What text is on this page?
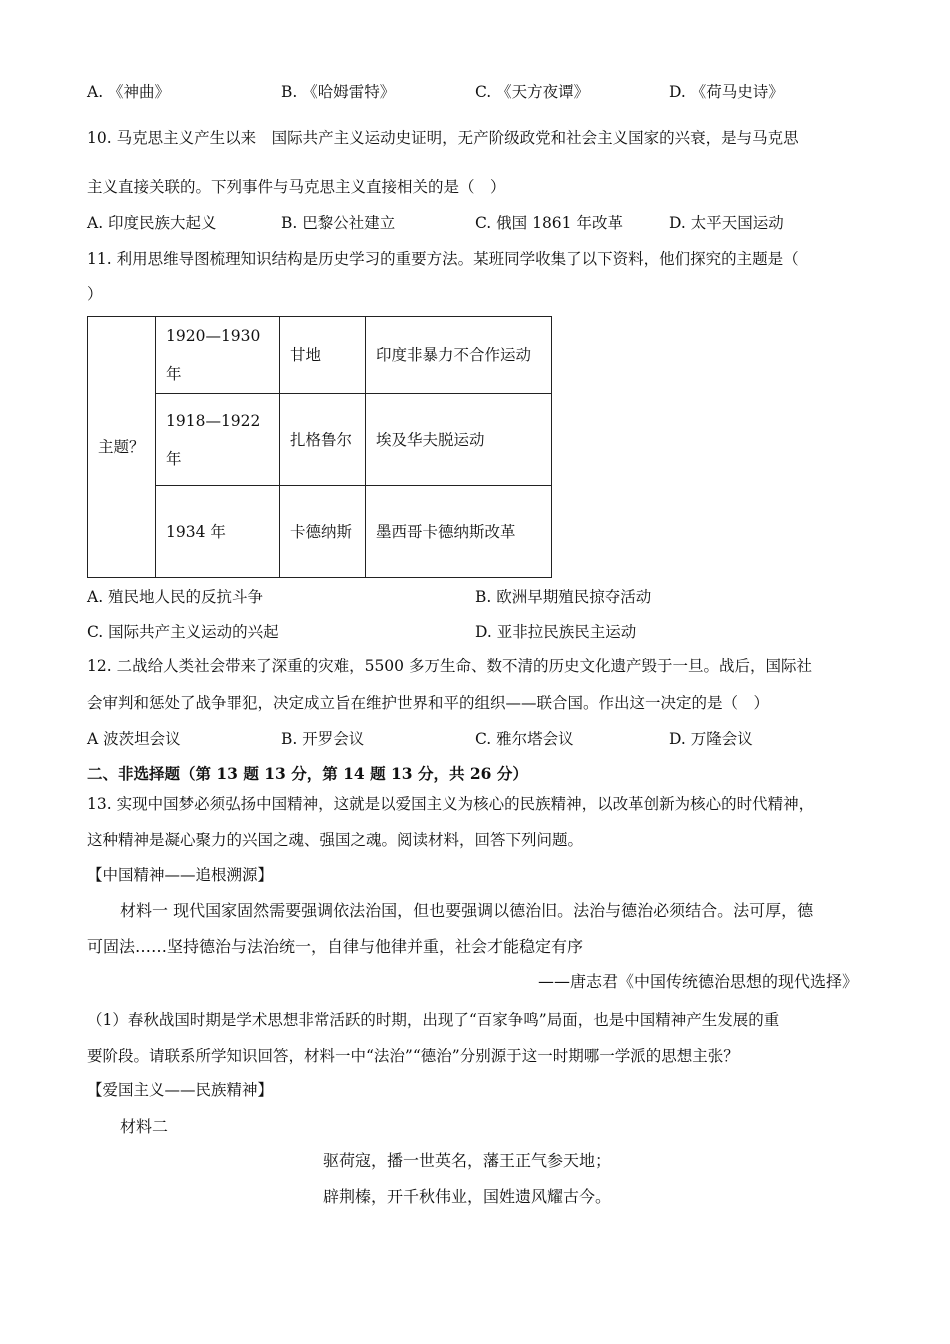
A. 《神曲》	B. 《哈姆雷特》	C. 《天方夜谭》	D. 《荷马史诗》
10. 马克思主义产生以来　国际共产主义运动史证明，无产阶级政党和社会主义国家的兴衰，是与马克思
主义直接关联的。下列事件与马克思主义直接相关的是（　）
A. 印度民族大起义	B. 巴黎公社建立	C. 俄国 1861 年改革	D. 太平天国运动
11. 利用思维导图梳理知识结构是历史学习的重要方法。某班同学收集了以下资料，他们探究的主题是（
）
主题？	1920—1930 年	甘地	印度非暴力不合作运动
	1918—1922 年	扎格鲁尔	埃及华夫脱运动
	1934 年	卡德纳斯	墨西哥卡德纳斯改革
A. 殖民地人民的反抗斗争	B. 欧洲早期殖民掠夺活动
C. 国际共产主义运动的兴起	D. 亚非拉民族民主运动
12. 二战给人类社会带来了深重的灾难，5500 多万生命、数不清的历史文化遗产毁于一旦。战后，国际社
会审判和惩处了战争罪犯，决定成立旨在维护世界和平的组织——联合国。作出这一决定的是（　）
A 波茨坦会议	B. 开罗会议	C. 雅尔塔会议	D. 万隆会议
二、非选择题（第 13 题 13 分，第 14 题 13 分，共 26 分）
13. 实现中国梦必须弘扬中国精神，这就是以爱国主义为核心的民族精神，以改革创新为核心的时代精神，
这种精神是凝心聚力的兴国之魂、强国之魂。阅读材料，回答下列问题。
【中国精神——追根溯源】
材料一 现代国家固然需要强调依法治国，但也要强调以德治旧。法治与德治必须结合。法可厚，德
可固法……坚持德治与法治统一，自律与他律并重，社会才能稳定有序
——唐志君《中国传统德治思想的现代选择》
（1）春秋战国时期是学术思想非常活跃的时期，出现了“百家争鸣”局面，也是中国精神产生发展的重
要阶段。请联系所学知识回答，材料一中“法治”“德治”分别源于这一时期哪一学派的思想主张？
【爱国主义——民族精神】
材料二
驱荷寇，播一世英名，藩王正气参天地；
辟荆榛，开千秋伟业，国姓遗风耀古今。
